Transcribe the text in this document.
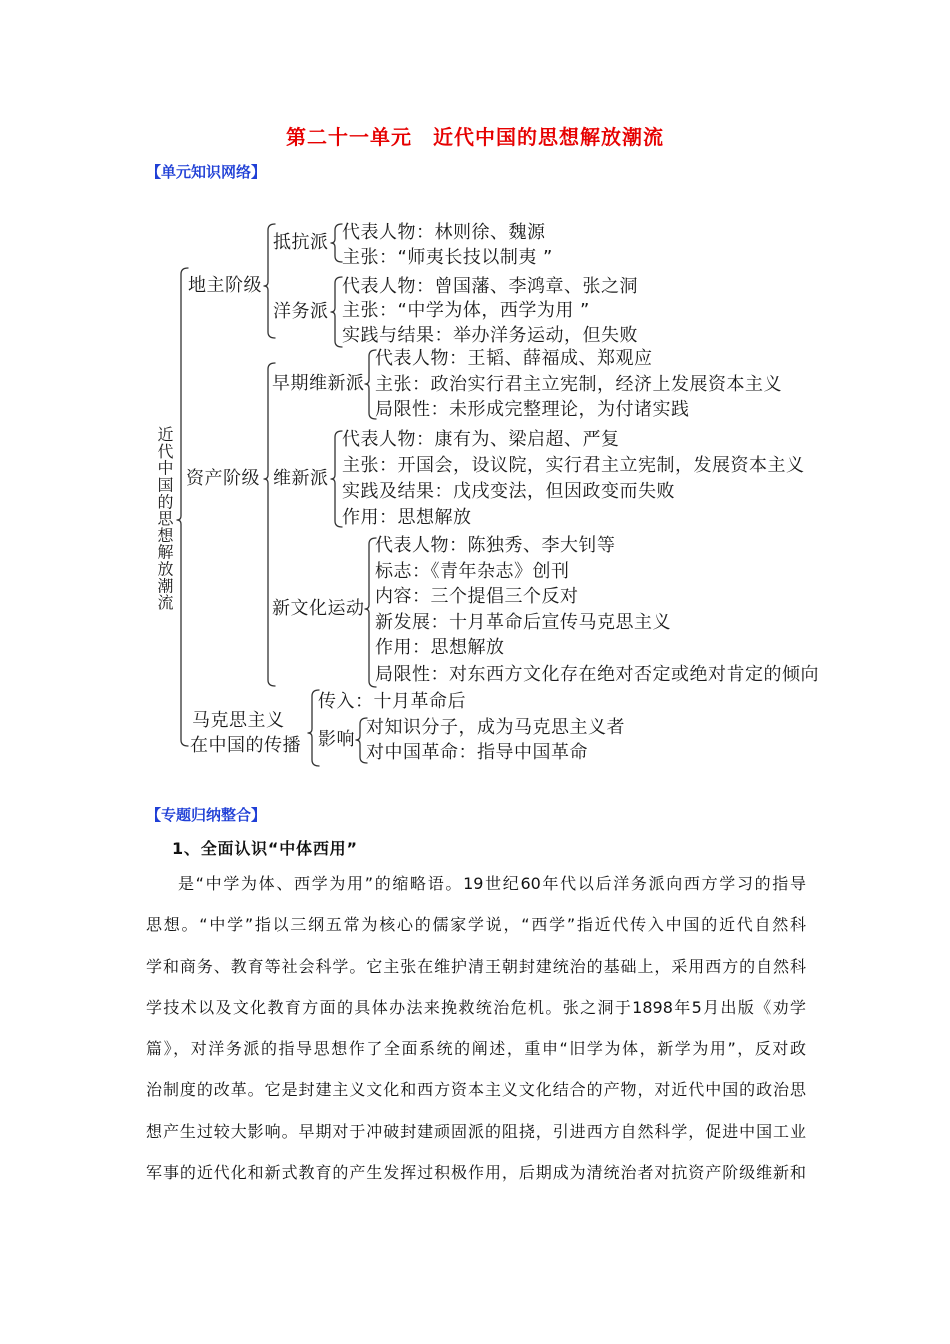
第二十一单元　近代中国的思想解放潮流
【单元知识网络】
近代中国的思想解放潮流
地主阶级
抵抗派 代表人物：林则徐、魏源
主张：“师夷长技以制夷 ”
洋务派
代表人物：曾国藩、李鸿章、张之洞
主张：“中学为体，西学为用 ”
实践与结果：举办洋务运动，但失败
资产阶级
早期维新派
代表人物：王韬、薛福成、郑观应
主张：政治实行君主立宪制，经济上发展资本主义
局限性：未形成完整理论，为付诸实践
维新派
代表人物：康有为、梁启超、严复
主张：开国会，设议院，实行君主立宪制，发展资本主义
实践及结果：戊戌变法，但因政变而失败
作用：思想解放
新文化运动
代表人物：陈独秀、李大钊等
标志：《青年杂志》创刊
内容：三个提倡三个反对
新发展：十月革命后宣传马克思主义
作用：思想解放
局限性：对东西方文化存在绝对否定或绝对肯定的倾向
马克思主义
在中国的传播
传入：十月革命后
影响
对知识分子，成为马克思主义者
对中国革命：指导中国革命
【专题归纳整合】
1、全面认识“中体西用”
是“中学为体、西学为用”的缩略语。19世纪60年代以后洋务派向西方学习的指导
思想。“中学”指以三纲五常为核心的儒家学说，“西学”指近代传入中国的近代自然科
学和商务、教育等社会科学。它主张在维护清王朝封建统治的基础上，采用西方的自然科
学技术以及文化教育方面的具体办法来挽救统治危机。张之洞于1898年5月出版《劝学
篇》，对洋务派的指导思想作了全面系统的阐述，重申“旧学为体，新学为用”，反对政
治制度的改革。它是封建主义文化和西方资本主义文化结合的产物，对近代中国的政治思
想产生过较大影响。早期对于冲破封建顽固派的阻挠，引进西方自然科学，促进中国工业
军事的近代化和新式教育的产生发挥过积极作用，后期成为清统治者对抗资产阶级维新和
